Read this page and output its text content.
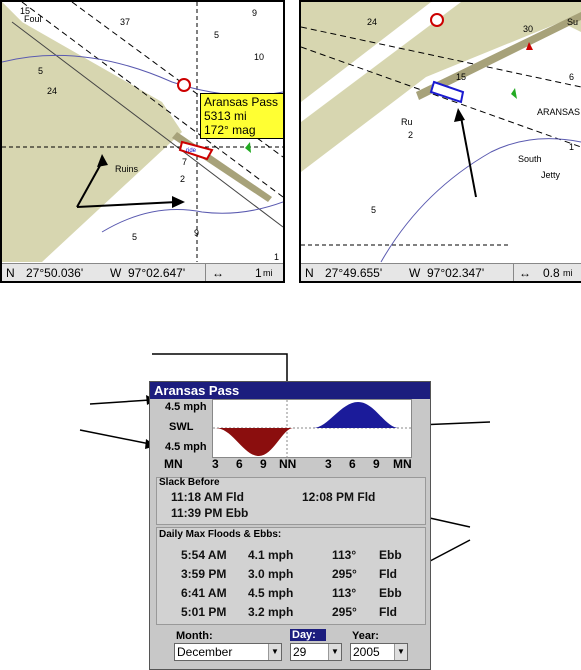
ride
15
37
9
Foul
5
5
10
24
7
2
5	9
1
Ruins
Aransas Pass
5313 mi
172° mag
N 27°50.036' W 97°02.647' ↔	1 mi
24
30
15
2
5
Ru
Su
6
1
ARANSAS
South
Jetty
N 27°49.655' W 97°02.347'	↔ 0.8 mi
Aransas Pass
4.5 mph
SWL
4.5 mph
MN 3 6 9 NN 3 6 9 MN
Slack Before
11:18 AM Fld	12:08 PM Fld
11:39 PM Ebb
Daily Max Floods & Ebbs:
5:54 AM 4.1 mph	113° Ebb
3:59 PM 3.0 mph	295° Fld
6:41 AM 4.5 mph	113° Ebb
5:01 PM 3.2 mph	295° Fld
Month:
December	▼
Day:
29	▼
Year:
2005	▼
